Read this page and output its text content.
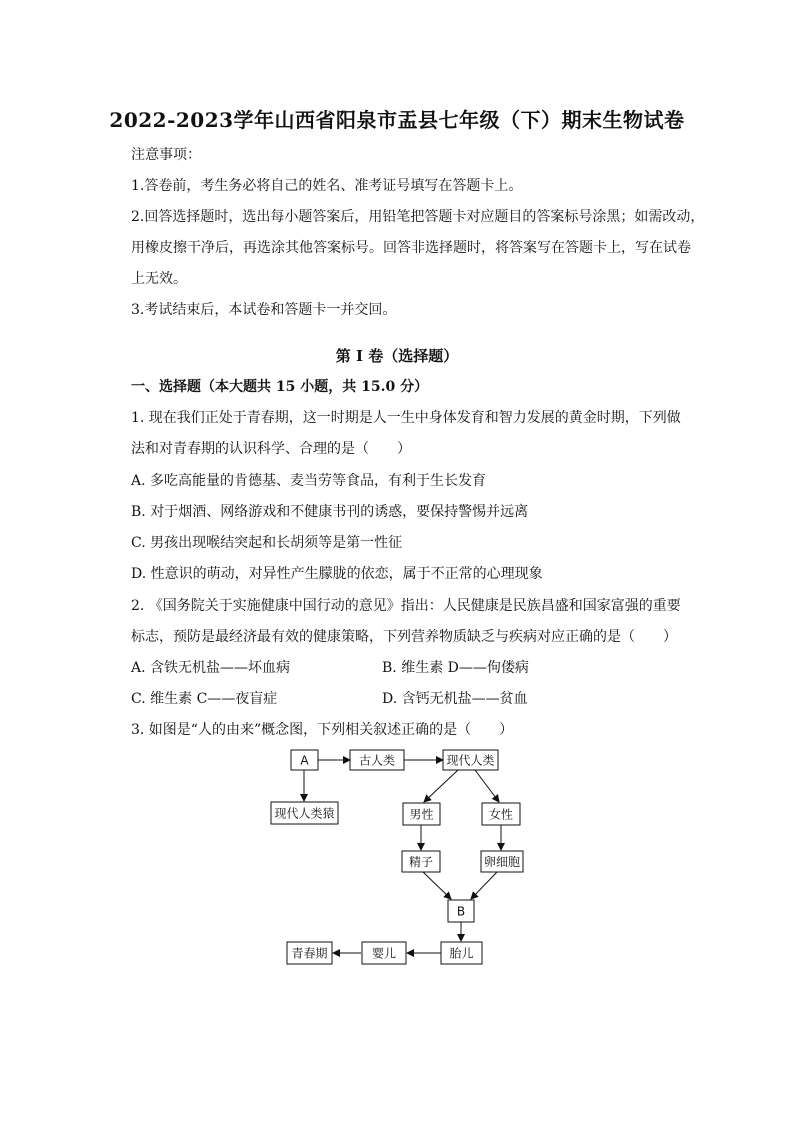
2022-2023学年山西省阳泉市盂县七年级（下）期末生物试卷
注意事项：
1.答卷前，考生务必将自己的姓名、准考证号填写在答题卡上。
2.回答选择题时，选出每小题答案后，用铅笔把答题卡对应题目的答案标号涂黑；如需改动，
用橡皮擦干净后，再选涂其他答案标号。回答非选择题时，将答案写在答题卡上，写在试卷
上无效。
3.考试结束后，本试卷和答题卡一并交回。
第 I 卷（选择题）
一、选择题（本大题共 15 小题，共 15.0 分）
1. 现在我们正处于青春期，这一时期是人一生中身体发育和智力发展的黄金时期，下列做
法和对青春期的认识科学、合理的是（　　）
A. 多吃高能量的肯德基、麦当劳等食品，有利于生长发育
B. 对于烟酒、网络游戏和不健康书刊的诱惑，要保持警惕并远离
C. 男孩出现喉结突起和长胡须等是第一性征
D. 性意识的萌动，对异性产生朦胧的依恋，属于不正常的心理现象
2. 《国务院关于实施健康中国行动的意见》指出：人民健康是民族昌盛和国家富强的重要
标志，预防是最经济最有效的健康策略，下列营养物质缺乏与疾病对应正确的是（　　）
A. 含铁无机盐——坏血病	B. 维生素 D——佝偻病
C. 维生素 C——夜盲症	D. 含钙无机盐——贫血
3. 如图是“人的由来”概念图，下列相关叙述正确的是（　　）
A	古人类	现代人类
现代人类猿	男性	女性
精子	卵细胞
B
胎儿
婴儿
青春期
